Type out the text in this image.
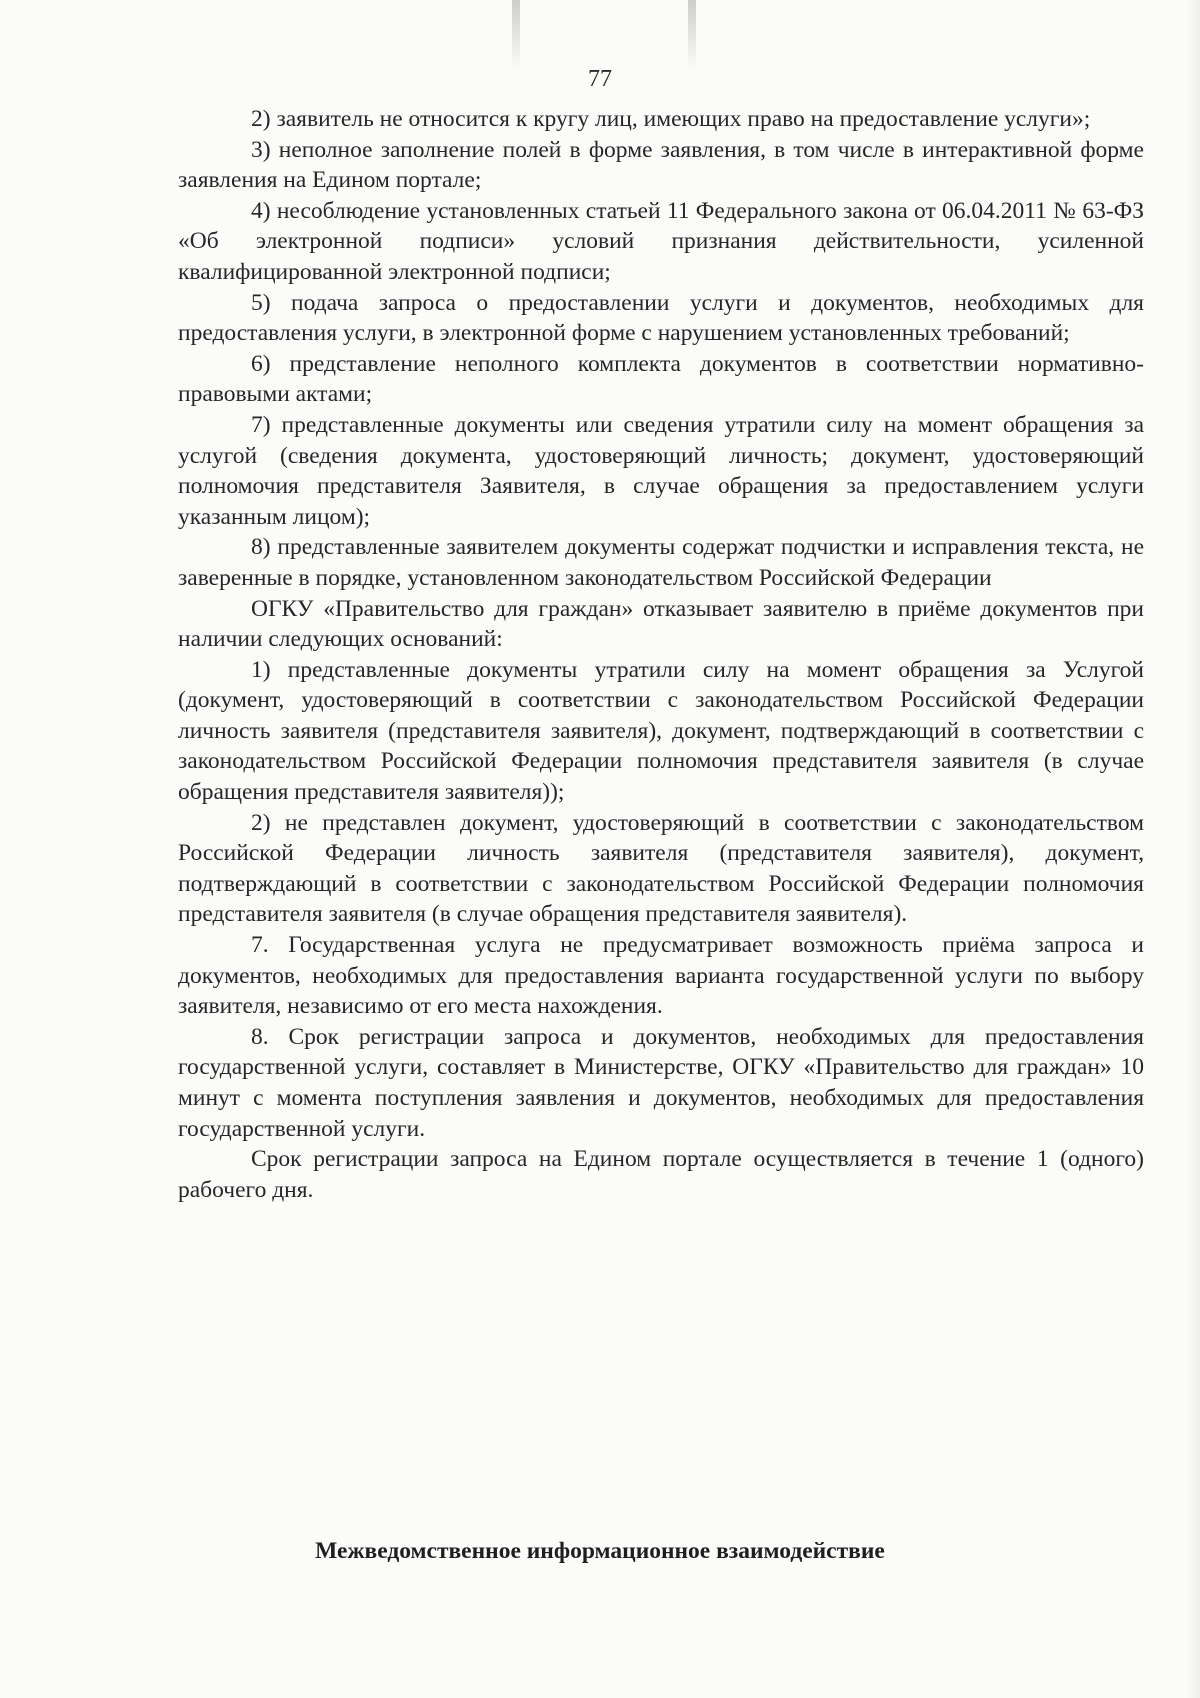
77

2) заявитель не относится к кругу лиц, имеющих право на предоставление услуги»;

3) неполное заполнение полей в форме заявления, в том числе в интерактивной форме заявления на Едином портале;

4) несоблюдение установленных статьей 11 Федерального закона от 06.04.2011 № 63-ФЗ «Об электронной подписи» условий признания действительности, усиленной квалифицированной электронной подписи;

5) подача запроса о предоставлении услуги и документов, необходимых для предоставления услуги, в электронной форме с нарушением установленных требований;

6) представление неполного комплекта документов в соответствии нормативно-правовыми актами;

7) представленные документы или сведения утратили силу на момент обращения за услугой (сведения документа, удостоверяющий личность; документ, удостоверяющий полномочия представителя Заявителя, в случае обращения за предоставлением услуги указанным лицом);

8) представленные заявителем документы содержат подчистки и исправления текста, не заверенные в порядке, установленном законодательством Российской Федерации

ОГКУ «Правительство для граждан» отказывает заявителю в приёме документов при наличии следующих оснований:

1) представленные документы утратили силу на момент обращения за Услугой (документ, удостоверяющий в соответствии с законодательством Российской Федерации личность заявителя (представителя заявителя), документ, подтверждающий в соответствии с законодательством Российской Федерации полномочия представителя заявителя (в случае обращения представителя заявителя));

2) не представлен документ, удостоверяющий в соответствии с законодательством Российской Федерации личность заявителя (представителя заявителя), документ, подтверждающий в соответствии с законодательством Российской Федерации полномочия представителя заявителя (в случае обращения представителя заявителя).

7. Государственная услуга не предусматривает возможность приёма запроса и документов, необходимых для предоставления варианта государственной услуги по выбору заявителя, независимо от его места нахождения.

8. Срок регистрации запроса и документов, необходимых для предоставления государственной услуги, составляет в Министерстве, ОГКУ «Правительство для граждан» 10 минут с момента поступления заявления и документов, необходимых для предоставления государственной услуги.

Срок регистрации запроса на Едином портале осуществляется в течение 1 (одного) рабочего дня.

Межведомственное информационное взаимодействие
